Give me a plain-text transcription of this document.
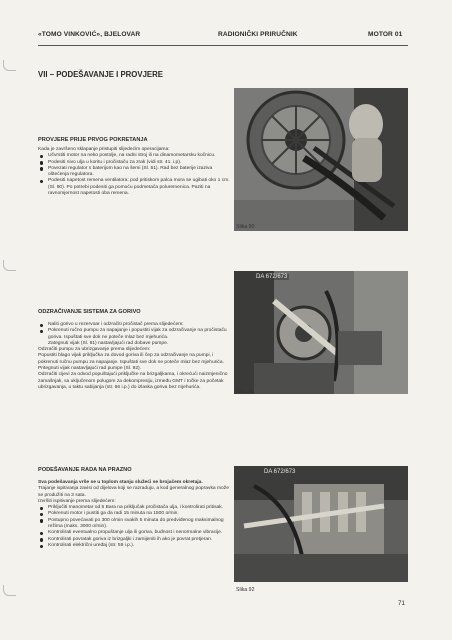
«TOMO VINKOVIĆ», BJELOVAR	RADIONIČKI PRIRUČNIK	MOTOR 01
VII – PODEŠAVANJE I PROVJERE
PROVJERE PRIJE PRVOG POKRETANJA

Kada je završeno sklapanje pristupiti slijedećim operacijama:

Učvrstiti motor na neko postolje, na radni stroj ili na dinamometarsku kočnicu.
Podesiti nivo ulja u koritu i pročistaču za zrak (vidi str. 41. i.p).
Povezati regulator s baterijom kao na šemi (Sl. 51). Rad bez baterije izaziva oštećenja regulatora.
Podesiti napetost remena ventilatora: pod pritiskom palca mora se ugibati oko 1 cm. (Sl. 90). Po potrebi podesiti ga pomoću podmetača poluremenica. Paziti na ravnomjernost napetosti oba remena.
Slika 90
ODZRAČIVANJE SISTEMA ZA GORIVO
Naliti gorivo u rezervoar i odzračiti pročistač prema slijedećem:
Pokrenuti ručno pumpu za napajanje i popustiti vijak za odzračivanje na pročistaču goriva. Ispuštati sve dok ne poteče mlaz bez mjehurića.

Zategnuti vijak (Sl. 91) nastavljajući rad dobave pumpe.

Odzračiti pumpu za ubrizgavanje prema slijedećem:

Popustiti blago vijak priključka za dovod goriva ili čep za odzračivanje na pumpi, i pokrenuti ručnu pumpu za napajanje. Ispuštati sve dok ne poteče mlaz bez mjehurića. Pritegnuti vijak nastavljajući rad pumpe (Sl. 92).

Odzračiti cijevi za odvod popuštajući priključke na brizgaljkama, i okrećući naizmjenično zamašnjak, sa uključenom polugom za dekompresiju, između GMT i točke za početak ubrizgavanja, u taktu sabijanja (str. 66 i.p.) do izlaska goriva bez mjehurića.

DA 672/673
Slika 91
PODEŠAVANJE RADA NA PRAZNO

Sva podešavanja vrše se u toplom stanju služeći se brojačem okretaja.

Trajanje ispitivanja zavisi od dijelova koji se razraduju, a kod generalnog popravka može se produžiti na 3 sata.

Izvršiti ispitivanje prema slijedećem:

Priključiti manometar od 5 Bara na priključak pročistača ulja, i kontrolirati pritisak.
Pokrenuti motor i pustiti ga da radi 15 minuta na 1500 o/min.
Postupno povećavati po 300 o/min svakih 5 minuta do predviđenog maksimalnog režima (maks. 3000 o/min).
Kontrolirati eventualno propuštanje ulja ili goriva, buđnost i nenormalne vibracije.
Kontrolirati povratak goriva iz brizgaljki i zamijeniti ih ako je povrat pretjeran.
Kontrolirati električni uređaj (str. 59 i.p.).
DA 672/673
Slika 92
71
